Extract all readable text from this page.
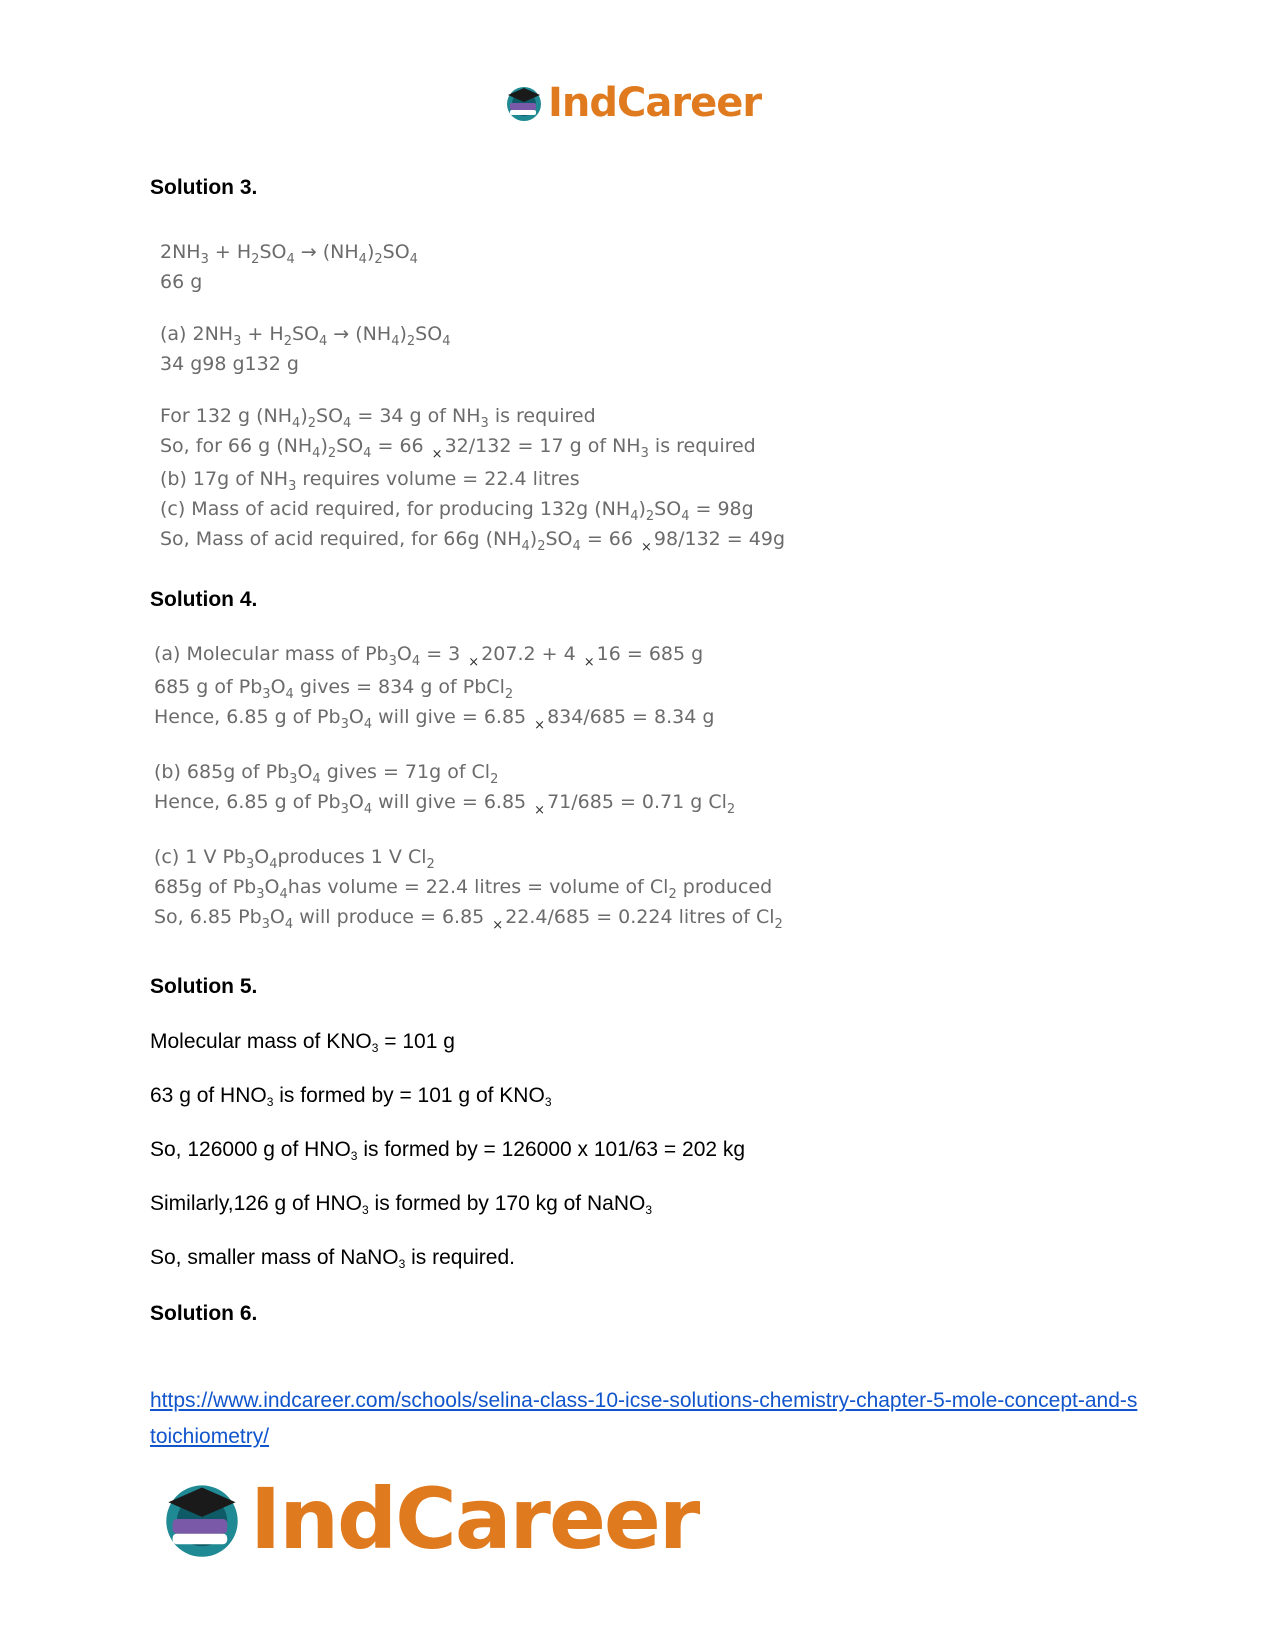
IndCareer
Solution 3.
$2NH_3 + H_2SO_4 \to (NH_4)_2SO_4$
66 g
(a) $2NH_3 + H_2SO_4 \to (NH_4)_2SO_4$
34 g98 g132 g
For 132 g $(NH_4)_2SO_4 = 34$ g of $NH_3$ is required
So, for 66 g $(NH_4)_2SO_4 = 66$ $_\times$ 32/132 = 17 g of $NH_3$ is required
(b) 17g of $NH_3$ requires volume = 22.4 litres
(c) Mass of acid required, for producing 132g $(NH_4)_2SO_4 = 98g$
So, Mass of acid required, for 66g $(NH_4)_2SO_4 = 66$ $_\times$ 98/132 = 49g
Solution 4.
(a) Molecular mass of $Pb_3O_4 = 3$ $_\times$ 207.2 + 4 $_\times$ 16 = 685 g
685 g of $Pb_3O_4$ gives = 834 g of PbCl$_2$
Hence, 6.85 g of $Pb_3O_4$ will give = 6.85 $_\times$ 834/685 = 8.34 g
(b) 685g of $Pb_3O_4$ gives = 71g of $Cl_2$
Hence, 6.85 g of $Pb_3O_4$ will give = 6.85 $_\times$ 71/685 = 0.71 g $Cl_2$
(c) 1 V $Pb_3O_4produces$ 1 V $Cl_2$
685g of $Pb_3O_4has$ volume = 22.4 litres = volume of $Cl_2$ produced
So, 6.85 $Pb_3O_4$ will produce = 6.85 $_\times$ 22.4/685 = 0.224 litres of $Cl_2$
Solution 5.
Molecular mass of $KNO_3 = 101$ g
63 g of $HNO_3$ is formed by = 101 g of $KNO_3$
So, 126000 g of $HNO_3$ is formed by = 126000 x 101/63 = 202 kg
Similarly,126 g of $HNO_3$ is formed by 170 kg of NaNO$_3$
So, smaller mass of NaNO$_3$ is required.
Solution 6.
https://www.indcareer.com/schools/selina-class-10-icse-solutions-chemistry-chapter-5-mole-concept-and-stoichiometry/
IndCareer
